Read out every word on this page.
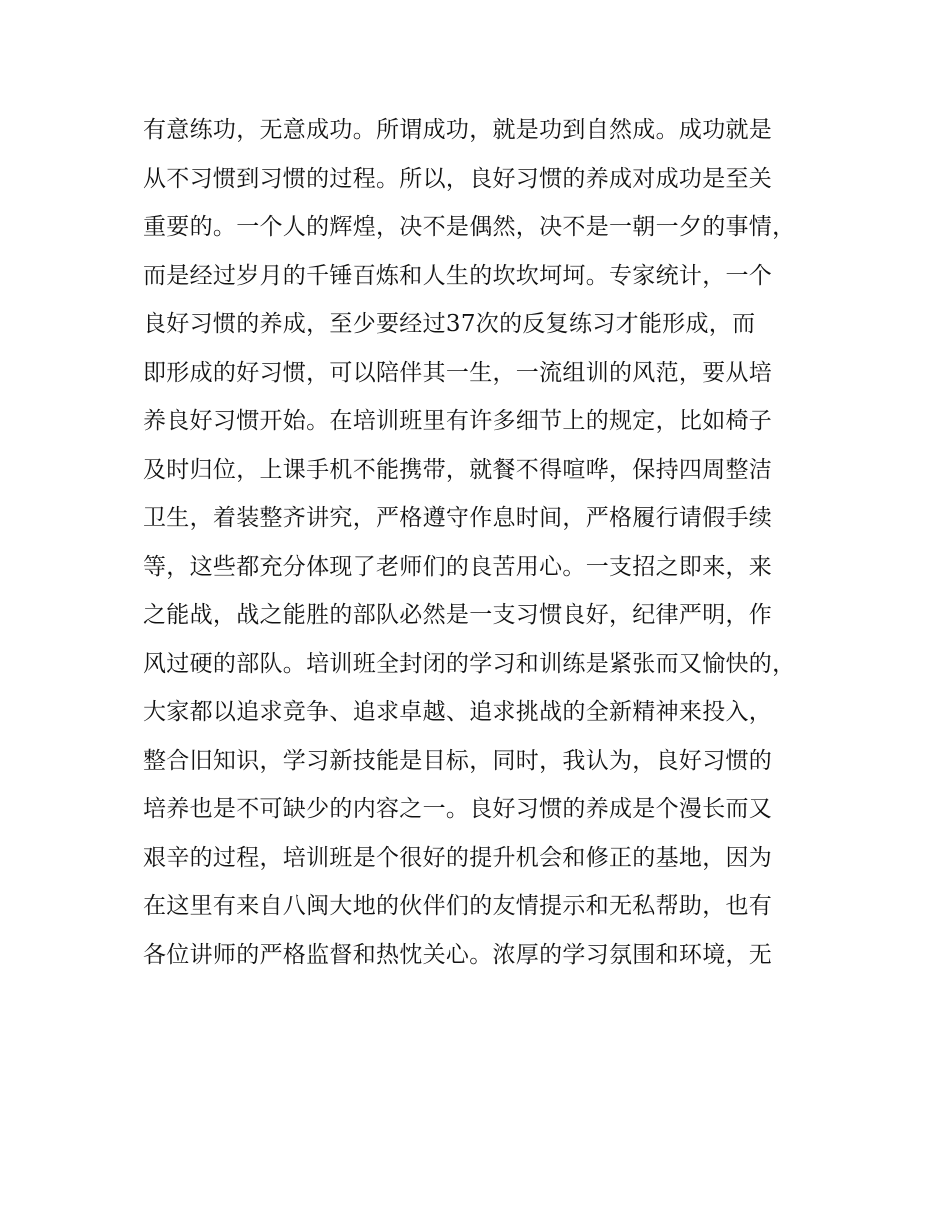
有意练功，无意成功。所谓成功，就是功到自然成。成功就是
从不习惯到习惯的过程。所以，良好习惯的养成对成功是至关
重要的。一个人的辉煌，决不是偶然，决不是一朝一夕的事情，
而是经过岁月的千锤百炼和人生的坎坎坷坷。专家统计，一个
良好习惯的养成，至少要经过37次的反复练习才能形成，而
即形成的好习惯，可以陪伴其一生，一流组训的风范，要从培
养良好习惯开始。在培训班里有许多细节上的规定，比如椅子
及时归位，上课手机不能携带，就餐不得喧哗，保持四周整洁
卫生，着装整齐讲究，严格遵守作息时间，严格履行请假手续
等，这些都充分体现了老师们的良苦用心。一支招之即来，来
之能战，战之能胜的部队必然是一支习惯良好，纪律严明，作
风过硬的部队。培训班全封闭的学习和训练是紧张而又愉快的，
大家都以追求竞争、追求卓越、追求挑战的全新精神来投入，
整合旧知识，学习新技能是目标，同时，我认为，良好习惯的
培养也是不可缺少的内容之一。良好习惯的养成是个漫长而又
艰辛的过程，培训班是个很好的提升机会和修正的基地，因为
在这里有来自八闽大地的伙伴们的友情提示和无私帮助，也有
各位讲师的严格监督和热忱关心。浓厚的学习氛围和环境，无
